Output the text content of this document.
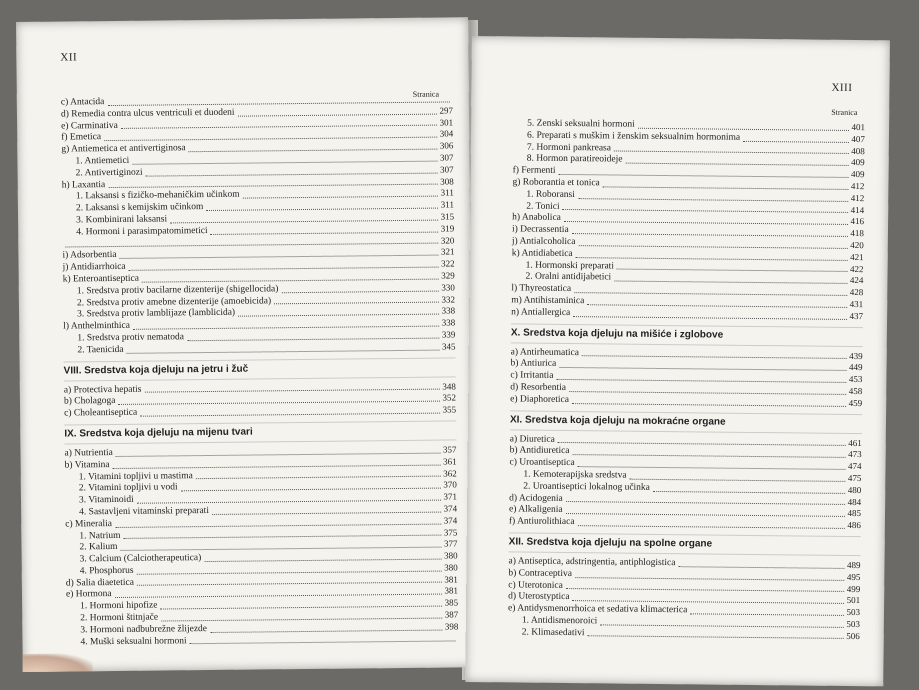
XII
Stranica
c) Antacida
d) Remedia contra ulcus ventriculi et duodeni	297
e) Carminativa	301
f) Emetica	304
g) Antiemetica et antivertiginosa	306
1. Antiemetici	307
2. Antivertiginozi	307
h) Laxantia	308
1. Laksansi s fizičko-mehaničkim učinkom	311
2. Laksansi s kemijskim učinkom	311
3. Kombinirani laksansi	315
4. Hormoni i parasimpatomimetici	319
320
i) Adsorbentia	321
j) Antidiarrhoica	322
k) Enteroantiseptica	329
1. Sredstva protiv bacilarne dizenterije (shigellocida)	330
2. Sredstva protiv amebne dizenterije (amoebicida)	332
3. Sredstva protiv lamblijaze (lamblicida)	338
l) Anthelminthica	338
1. Sredstva protiv nematoda	339
2. Taenicida	345
VIII. Sredstva koja djeluju na jetru i žuč
a) Protectiva hepatis	348
b) Cholagoga	352
c) Choleantiseptica	355
IX. Sredstva koja djeluju na mijenu tvari
a) Nutrientia	357
b) Vitamina	361
1. Vitamini topljivi u mastima	362
2. Vitamini topljivi u vodi	370
3. Vitaminoidi	371
4. Sastavljeni vitaminski preparati	374
c) Mineralia	374
1. Natrium	375
2. Kalium	377
3. Calcium (Calciotherapeutica)	380
4. Phosphorus	380
d) Salia diaetetica	381
e) Hormona	381
1. Hormoni hipofize	385
2. Hormoni štitnjače	387
3. Hormoni nadbubrežne žlijezde	398
4. Muški seksualni hormoni
XIII
Stranica
5. Ženski seksualni hormoni	401
6. Preparati s muškim i ženskim seksualnim hormonima	407
7. Hormoni pankreasa	408
8. Hormon paratireoideje	409
f) Fermenti	409
g) Roborantia et tonica	412
1. Roboransi	412
2. Tonici	414
h) Anabolica	416
i) Decrassentia	418
j) Antialcoholica	420
k) Antidiabetica	421
1. Hormonski preparati	422
2. Oralni antidijabetici	424
l) Thyreostatica	428
m) Antihistaminica	431
n) Antiallergica	437
X. Sredstva koja djeluju na mišiće i zglobove
a) Antirheumatica	439
b) Antiurica	449
c) Irritantia	453
d) Resorbentia	458
e) Diaphoretica	459
XI. Sredstva koja djeluju na mokraćne organe
a) Diuretica	461
b) Antidiuretica	473
c) Uroantiseptica	474
1. Kemoterapijska sredstva	475
2. Uroantiseptici lokalnog učinka	480
d) Acidogenia	484
e) Alkaligenia	485
f) Antiurolithiaca	486
XII. Sredstva koja djeluju na spolne organe
a) Antiseptica, adstringentia, antiphlogistica	489
b) Contraceptiva	495
c) Uterotonica	499
d) Uterostyptica	501
e) Antidysmenorrhoica et sedativa klimacterica	503
1. Antidismenoroici	503
2. Klimasedativi	506
